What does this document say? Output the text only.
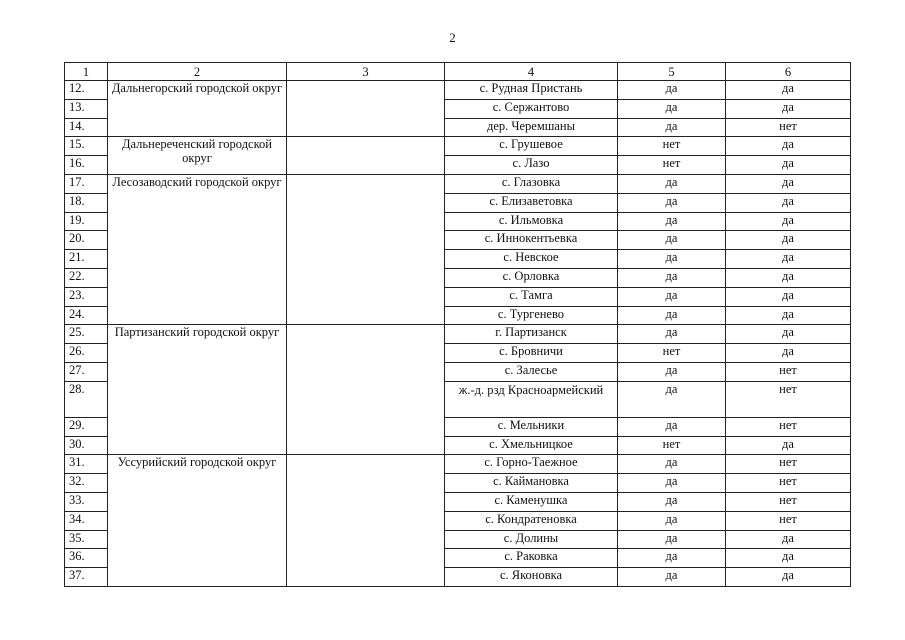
2
1	2	3	4	5	6
12.	Дальнегорский городской округ		с. Рудная Пристань	да	да
13.			с. Сержантово	да	да
14.			дер. Черемшаны	да	нет
15.	Дальнереченский городской округ		с. Грушевое	нет	да
16.			с. Лазо	нет	да
17.	Лесозаводский городской округ		с. Глазовка	да	да
18.			с. Елизаветовка	да	да
19.			с. Ильмовка	да	да
20.			с. Иннокентьевка	да	да
21.			с. Невское	да	да
22.			с. Орловка	да	да
23.			с. Тамга	да	да
24.			с. Тургенево	да	да
25.	Партизанский городской округ		г. Партизанск	да	да
26.			с. Бровничи	нет	да
27.			с. Залесье	да	нет
28.			ж.-д. рзд Красноармейский	да	нет
29.			с. Мельники	да	нет
30.			с. Хмельницкое	нет	да
31.	Уссурийский городской округ		с. Горно-Таежное	да	нет
32.			с. Каймановка	да	нет
33.			с. Каменушка	да	нет
34.			с. Кондратеновка	да	нет
35.			с. Долины	да	да
36.			с. Раковка	да	да
37.			с. Яконовка	да	да
